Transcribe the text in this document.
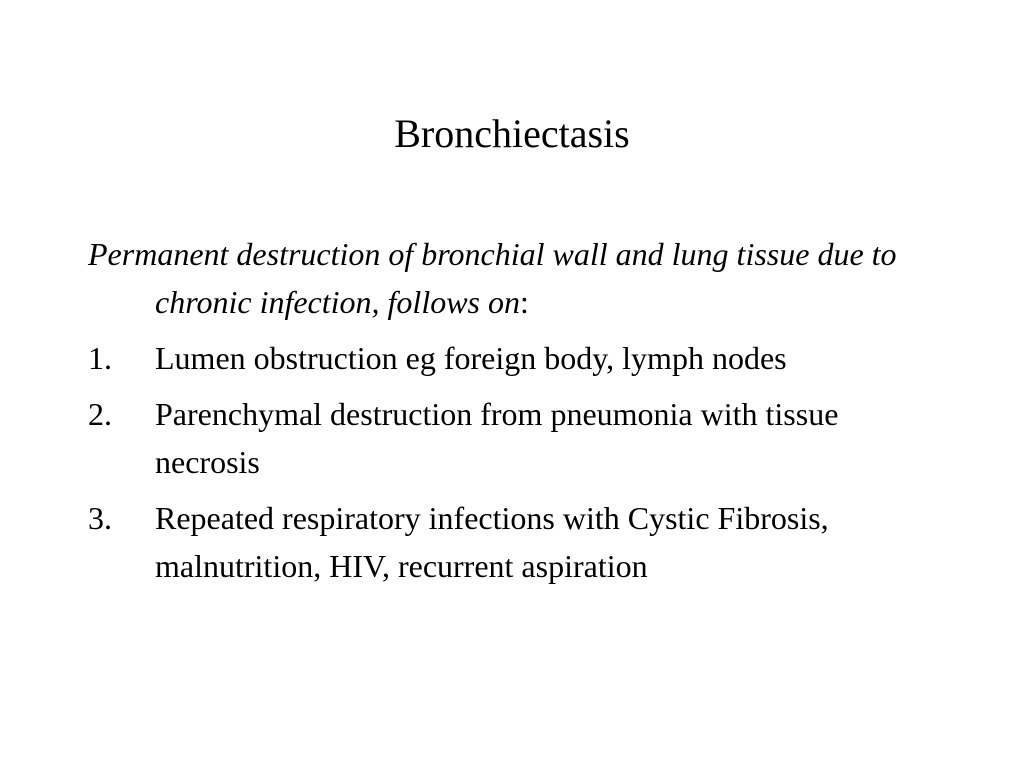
Bronchiectasis

Permanent destruction of bronchial wall and lung tissue due to chronic infection, follows on:

1. Lumen obstruction eg foreign body, lymph nodes
2. Parenchymal destruction from pneumonia with tissue necrosis
3. Repeated respiratory infections with Cystic Fibrosis, malnutrition, HIV, recurrent aspiration
